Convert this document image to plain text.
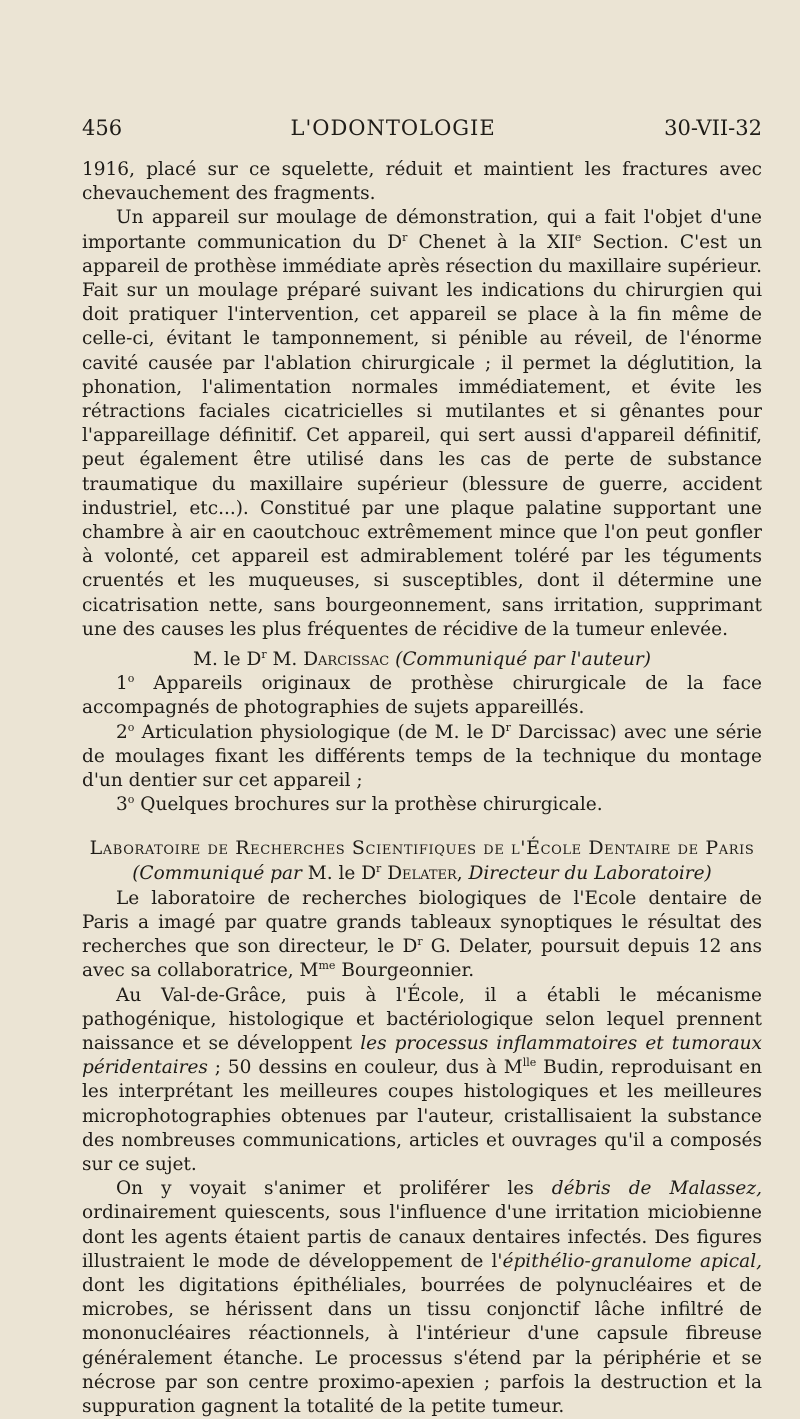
456	L'ODONTOLOGIE	30-VII-32

1916, placé sur ce squelette, réduit et maintient les fractures avec chevauchement des fragments.

Un appareil sur moulage de démonstration, qui a fait l'objet d'une importante communication du $D^r$ Chenet à la XIIe Section. C'est un appareil de prothèse immédiate après résection du maxillaire supérieur. Fait sur un moulage préparé suivant les indications du chirurgien qui doit pratiquer l'intervention, cet appareil se place à la fin même de celle-ci, évitant le tamponnement, si pénible au réveil, de l'énorme cavité causée par l'ablation chirurgicale ; il permet la déglutition, la phonation, l'alimentation normales immédiatement, et évite les rétractions faciales cicatricielles si mutilantes et si gênantes pour l'appareillage définitif. Cet appareil, qui sert aussi d'appareil définitif, peut également être utilisé dans les cas de perte de substance traumatique du maxillaire supérieur (blessure de guerre, accident industriel, etc...). Constitué par une plaque palatine supportant une chambre à air en caoutchouc extrêmement mince que l'on peut gonfler à volonté, cet appareil est admirablement toléré par les téguments cruentés et les muqueuses, si susceptibles, dont il détermine une cicatrisation nette, sans bourgeonnement, sans irritation, supprimant une des causes les plus fréquentes de récidive de la tumeur enlevée.

M. le $D^r$ M. Darcissac (Communiqué par l'auteur)

1$^o$ Appareils originaux de prothèse chirurgicale de la face accompagnés de photographies de sujets appareillés.

2$^o$ Articulation physiologique (de M. le $D^r$ Darcissac) avec une série de moulages fixant les différents temps de la technique du montage d'un dentier sur cet appareil ;

3$^o$ Quelques brochures sur la prothèse chirurgicale.

Laboratoire de Recherches Scientifiques de l'École Dentaire de Paris

(Communiqué par M. le $D^r$ Delater, Directeur du Laboratoire)

Le laboratoire de recherches biologiques de l'Ecole dentaire de Paris a imagé par quatre grands tableaux synoptiques le résultat des recherches que son directeur, le $D^r$ G. Delater, poursuit depuis 12 ans avec sa collaboratrice, $M^{me}$ Bourgeonnier.

Au Val-de-Grâce, puis à l'École, il a établi le mécanisme pathogénique, histologique et bactériologique selon lequel prennent naissance et se développent les processus inflammatoires et tumoraux péridentaires ; 50 dessins en couleur, dus à $M^{lle}$ Budin, reproduisant en les interprétant les meilleures coupes histologiques et les meilleures microphotographies obtenues par l'auteur, cristallisaient la substance des nombreuses communications, articles et ouvrages qu'il a composés sur ce sujet.

On y voyait s'animer et proliférer les débris de Malassez, ordinairement quiescents, sous l'influence d'une irritation miciobienne dont les agents étaient partis de canaux dentaires infectés. Des figures illustraient le mode de développement de l'épithélio-granulome apical, dont les digitations épithéliales, bourrées de polynucléaires et de microbes, se hérissent dans un tissu conjonctif lâche infiltré de mononucléaires réactionnels, à l'intérieur d'une capsule fibreuse généralement étanche. Le processus s'étend par la périphérie et se nécrose par son centre proximo-apexien ; parfois la destruction et la suppuration gagnent la totalité de la petite tumeur.
